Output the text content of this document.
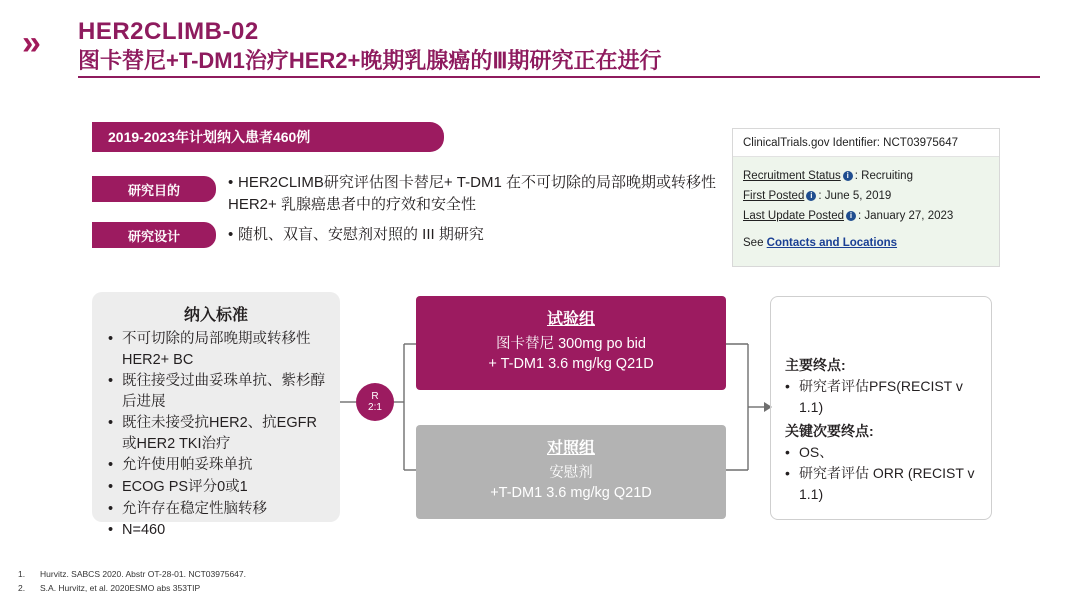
» HER2CLIMB-02
图卡替尼+T-DM1治疗HER2+晚期乳腺癌的Ⅲ期研究正在进行
2019-2023年计划纳入患者460例
研究目的	• HER2CLIMB研究评估图卡替尼+ T-DM1 在不可切除的局部晚期或转移性 HER2+ 乳腺癌患者中的疗效和安全性
研究设计	• 随机、双盲、安慰剂对照的 III 期研究
ClinicalTrials.gov Identifier: NCT03975647
Recruitment Status i : Recruiting
First Posted i : June 5, 2019
Last Update Posted i : January 27, 2023
See Contacts and Locations
纳入标准
• 不可切除的局部晚期或转移性HER2+ BC
• 既往接受过曲妥珠单抗、紫杉醇后进展
• 既往未接受抗HER2、抗EGFR或HER2 TKI治疗
• 允许使用帕妥珠单抗
• ECOG PS评分0或1
• 允许存在稳定性脑转移
• N=460
R
2:1
试验组
图卡替尼 300mg po bid
+ T-DM1 3.6 mg/kg Q21D
对照组
安慰剂
+T-DM1 3.6 mg/kg Q21D
主要终点:
• 研究者评估PFS(RECIST v 1.1)
关键次要终点:
• OS、
• 研究者评估 ORR (RECIST v 1.1)
1. Hurvitz. SABCS 2020. Abstr OT-28-01. NCT03975647.
2. S.A. Hurvitz, et al. 2020ESMO abs 353TIP
